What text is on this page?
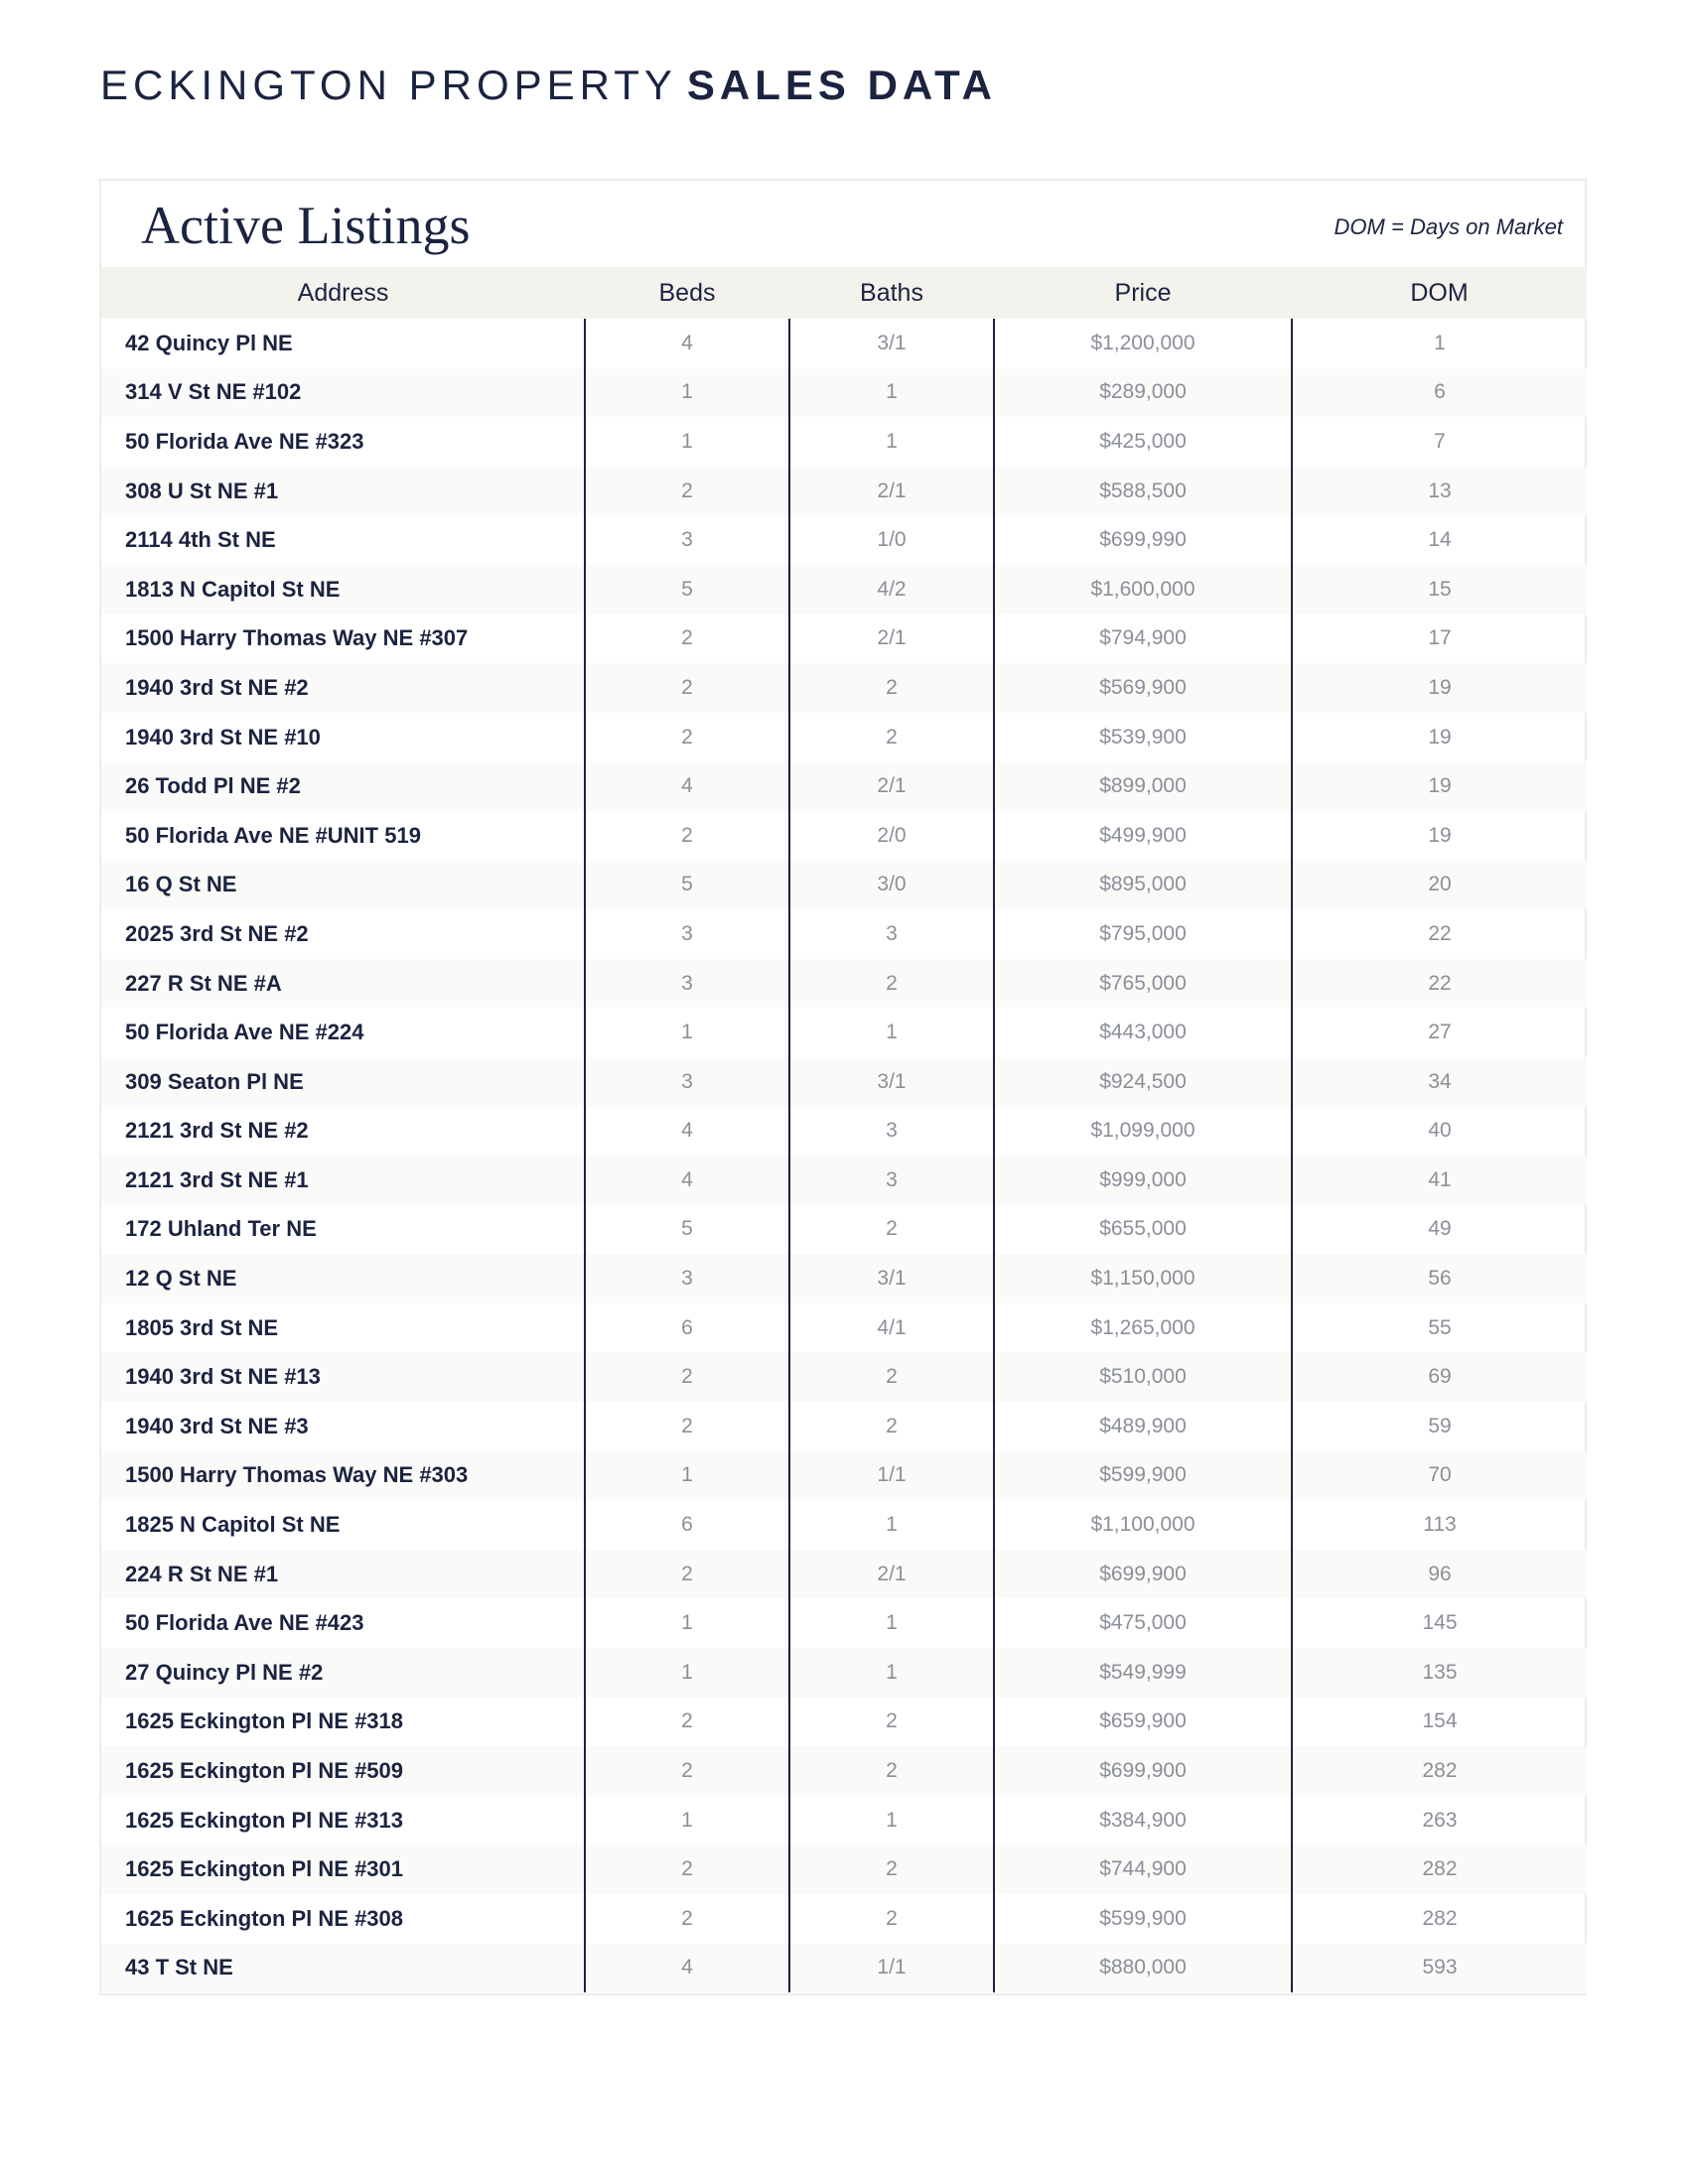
ECKINGTON PROPERTY SALES DATA
Active Listings	DOM = Days on Market
Address	Beds	Baths	Price	DOM
42 Quincy Pl NE	4	3/1	$1,200,000	1
314 V St NE #102	1	1	$289,000	6
50 Florida Ave NE #323	1	1	$425,000	7
308 U St NE #1	2	2/1	$588,500	13
2114 4th St NE	3	1/0	$699,990	14
1813 N Capitol St NE	5	4/2	$1,600,000	15
1500 Harry Thomas Way NE #307	2	2/1	$794,900	17
1940 3rd St NE #2	2	2	$569,900	19
1940 3rd St NE #10	2	2	$539,900	19
26 Todd Pl NE #2	4	2/1	$899,000	19
50 Florida Ave NE #UNIT 519	2	2/0	$499,900	19
16 Q St NE	5	3/0	$895,000	20
2025 3rd St NE #2	3	3	$795,000	22
227 R St NE #A	3	2	$765,000	22
50 Florida Ave NE #224	1	1	$443,000	27
309 Seaton Pl NE	3	3/1	$924,500	34
2121 3rd St NE #2	4	3	$1,099,000	40
2121 3rd St NE #1	4	3	$999,000	41
172 Uhland Ter NE	5	2	$655,000	49
12 Q St NE	3	3/1	$1,150,000	56
1805 3rd St NE	6	4/1	$1,265,000	55
1940 3rd St NE #13	2	2	$510,000	69
1940 3rd St NE #3	2	2	$489,900	59
1500 Harry Thomas Way NE #303	1	1/1	$599,900	70
1825 N Capitol St NE	6	1	$1,100,000	113
224 R St NE #1	2	2/1	$699,900	96
50 Florida Ave NE #423	1	1	$475,000	145
27 Quincy Pl NE #2	1	1	$549,999	135
1625 Eckington Pl NE #318	2	2	$659,900	154
1625 Eckington Pl NE #509	2	2	$699,900	282
1625 Eckington Pl NE #313	1	1	$384,900	263
1625 Eckington Pl NE #301	2	2	$744,900	282
1625 Eckington Pl NE #308	2	2	$599,900	282
43 T St NE	4	1/1	$880,000	593
